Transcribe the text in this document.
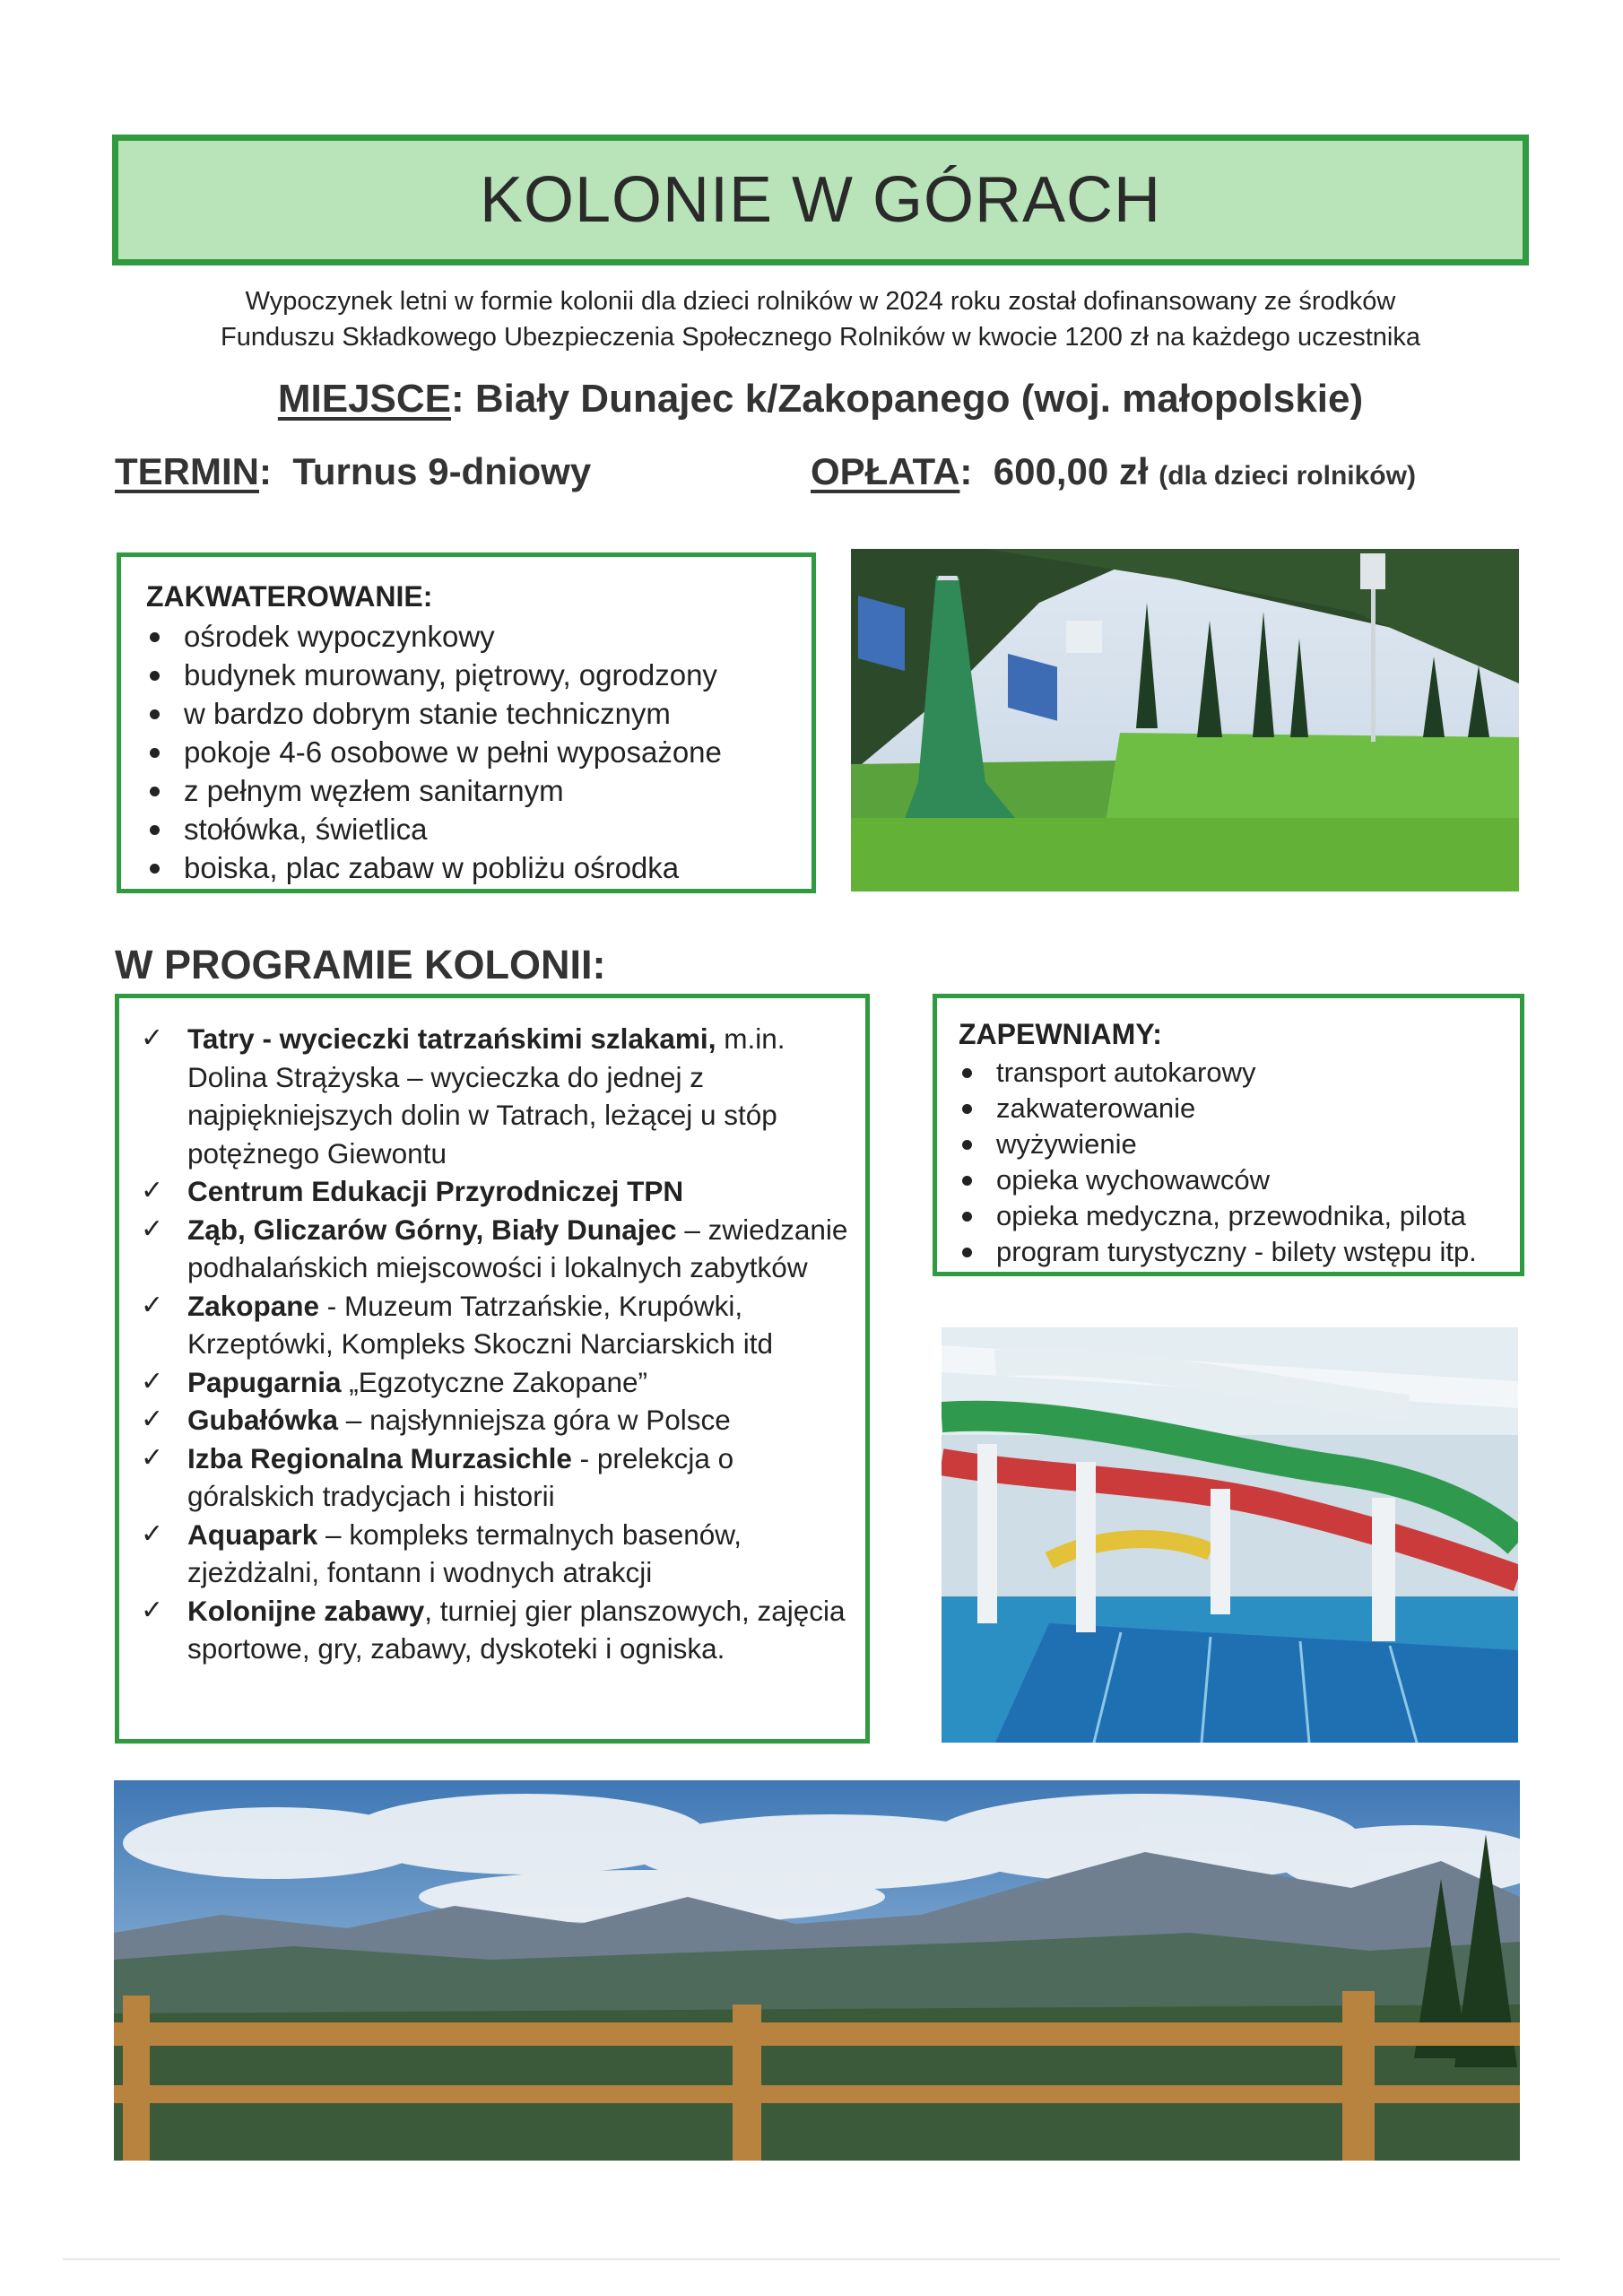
KOLONIE W GÓRACH
Wypoczynek letni w formie kolonii dla dzieci rolników w 2024 roku został dofinansowany ze środków
Funduszu Składkowego Ubezpieczenia Społecznego Rolników w kwocie 1200 zł na każdego uczestnika
MIEJSCE: Biały Dunajec k/Zakopanego (woj. małopolskie)
TERMIN:  Turnus 9-dniowy	OPŁATA:  600,00 zł (dla dzieci rolników)
ZAKWATEROWANIE:
ośrodek wypoczynkowy
budynek murowany, piętrowy, ogrodzony
w bardzo dobrym stanie technicznym
pokoje 4-6 osobowe w pełni wyposażone
z pełnym węzłem sanitarnym
stołówka, świetlica
boiska, plac zabaw w pobliżu ośrodka
W PROGRAMIE KOLONII:
✓ Tatry - wycieczki tatrzańskimi szlakami, m.in. Dolina Strążyska – wycieczka do jednej z najpiękniejszych dolin w Tatrach, leżącej u stóp potężnego Giewontu
✓ Centrum Edukacji Przyrodniczej TPN
✓ Ząb, Gliczarów Górny, Biały Dunajec – zwiedzanie podhalańskich miejscowości i lokalnych zabytków
✓ Zakopane - Muzeum Tatrzańskie, Krupówki, Krzeptówki, Kompleks Skoczni Narciarskich itd
✓ Papugarnia „Egzotyczne Zakopane”
✓ Gubałówka – najsłynniejsza góra w Polsce
✓ Izba Regionalna Murzasichle - prelekcja o góralskich tradycjach i historii
✓ Aquapark – kompleks termalnych basenów, zjeżdżalni, fontann i wodnych atrakcji
✓ Kolonijne zabawy, turniej gier planszowych, zajęcia sportowe, gry, zabawy, dyskoteki i ogniska.
ZAPEWNIAMY:
transport autokarowy
zakwaterowanie
wyżywienie
opieka wychowawców
opieka medyczna, przewodnika, pilota
program turystyczny - bilety wstępu itp.
